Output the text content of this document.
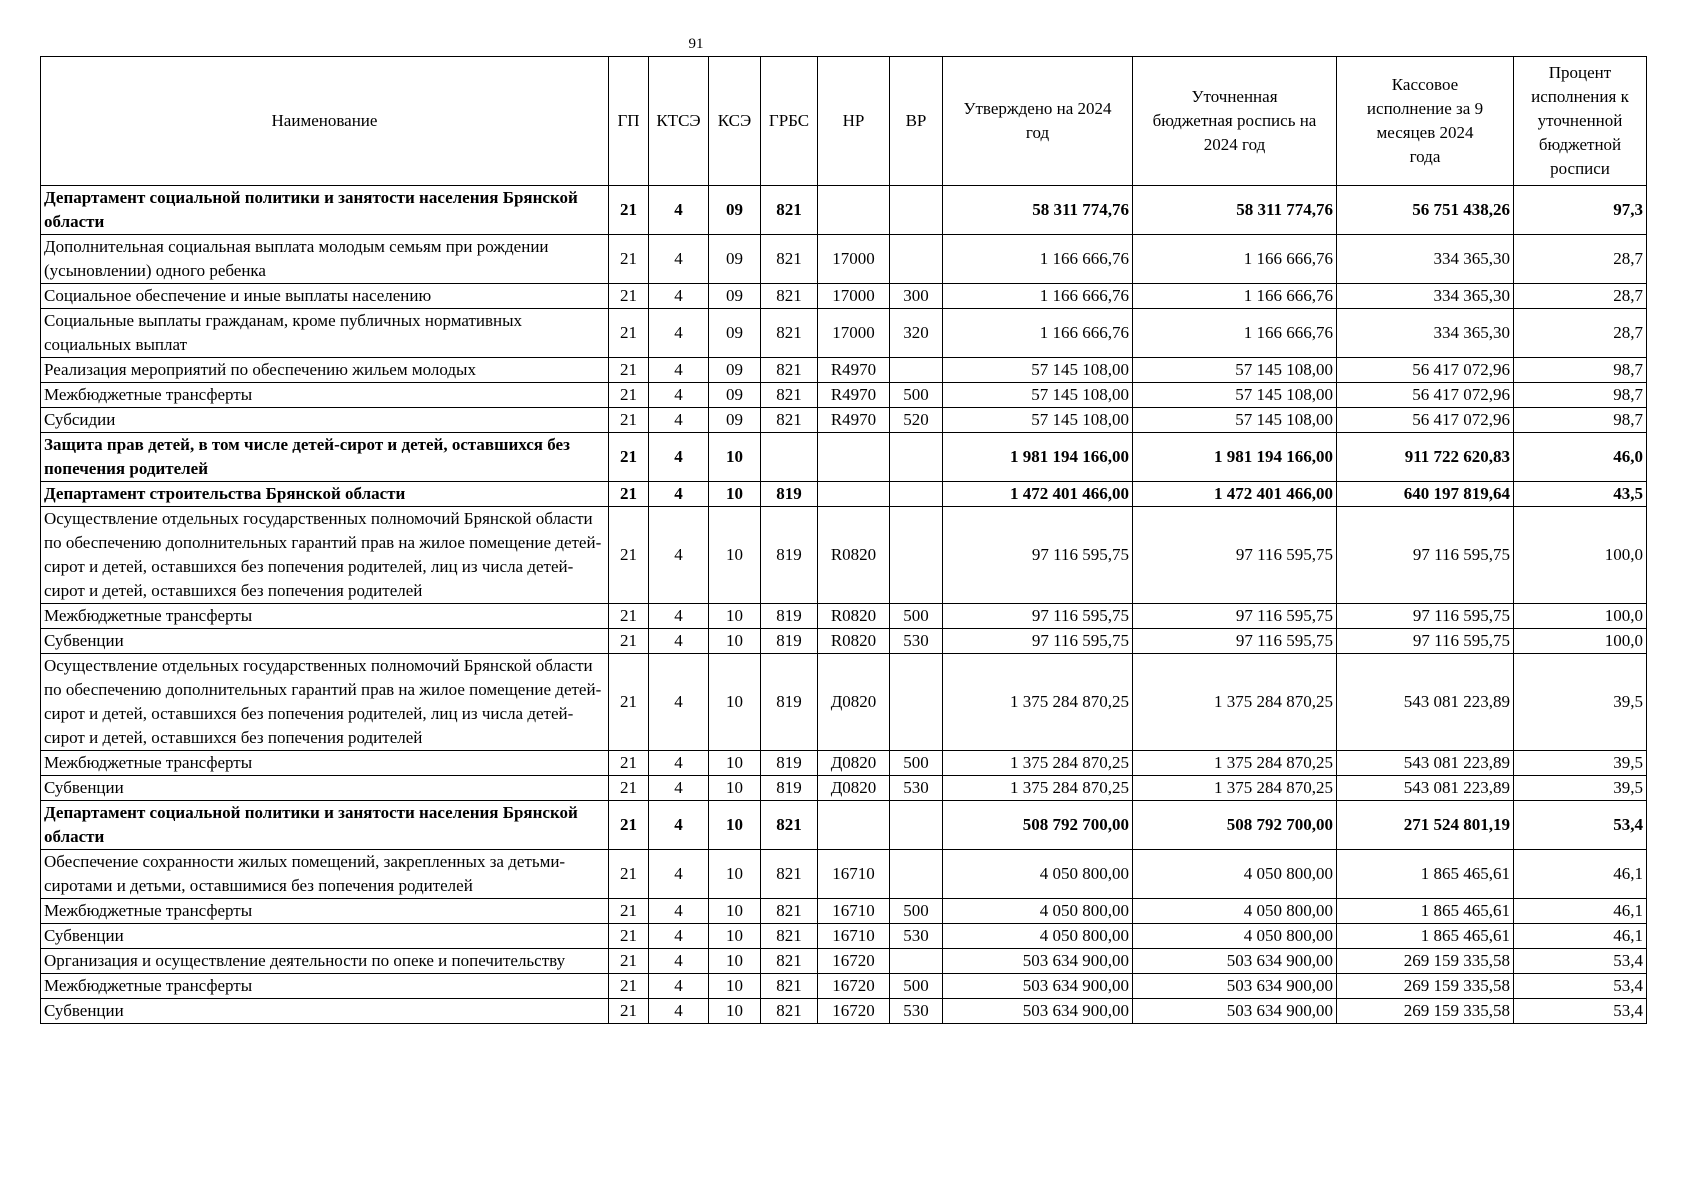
91
Наименование	ГП	КТСЭ	КСЭ	ГРБС	НР	ВР	Утверждено на 2024 год	Уточненная бюджетная роспись на 2024 год	Кассовое исполнение за 9 месяцев 2024 года	Процент исполнения к уточненной бюджетной росписи
Департамент социальной политики и занятости населения Брянской области	21	4	09	821			58 311 774,76	58 311 774,76	56 751 438,26	97,3
Дополнительная социальная выплата молодым семьям при рождении (усыновлении) одного ребенка	21	4	09	821	17000		1 166 666,76	1 166 666,76	334 365,30	28,7
Социальное обеспечение и иные выплаты населению	21	4	09	821	17000	300	1 166 666,76	1 166 666,76	334 365,30	28,7
Социальные выплаты гражданам, кроме публичных нормативных социальных выплат	21	4	09	821	17000	320	1 166 666,76	1 166 666,76	334 365,30	28,7
Реализация мероприятий по обеспечению жильем молодых	21	4	09	821	R4970		57 145 108,00	57 145 108,00	56 417 072,96	98,7
Межбюджетные трансферты	21	4	09	821	R4970	500	57 145 108,00	57 145 108,00	56 417 072,96	98,7
Субсидии	21	4	09	821	R4970	520	57 145 108,00	57 145 108,00	56 417 072,96	98,7
Защита прав детей, в том числе детей-сирот и детей, оставшихся без попечения родителей	21	4	10				1 981 194 166,00	1 981 194 166,00	911 722 620,83	46,0
Департамент строительства Брянской области	21	4	10	819			1 472 401 466,00	1 472 401 466,00	640 197 819,64	43,5
Осуществление отдельных государственных полномочий Брянской области по обеспечению дополнительных гарантий прав на жилое помещение детей-сирот и детей, оставшихся без попечения родителей, лиц из числа детей-сирот и детей, оставшихся без попечения родителей	21	4	10	819	R0820		97 116 595,75	97 116 595,75	97 116 595,75	100,0
Межбюджетные трансферты	21	4	10	819	R0820	500	97 116 595,75	97 116 595,75	97 116 595,75	100,0
Субвенции	21	4	10	819	R0820	530	97 116 595,75	97 116 595,75	97 116 595,75	100,0
Осуществление отдельных государственных полномочий Брянской области по обеспечению дополнительных гарантий прав на жилое помещение детей-сирот и детей, оставшихся без попечения родителей, лиц из числа детей-сирот и детей, оставшихся без попечения родителей	21	4	10	819	Д0820		1 375 284 870,25	1 375 284 870,25	543 081 223,89	39,5
Межбюджетные трансферты	21	4	10	819	Д0820	500	1 375 284 870,25	1 375 284 870,25	543 081 223,89	39,5
Субвенции	21	4	10	819	Д0820	530	1 375 284 870,25	1 375 284 870,25	543 081 223,89	39,5
Департамент социальной политики и занятости населения Брянской области	21	4	10	821			508 792 700,00	508 792 700,00	271 524 801,19	53,4
Обеспечение сохранности жилых помещений, закрепленных за детьми-сиротами и детьми, оставшимися без попечения родителей	21	4	10	821	16710		4 050 800,00	4 050 800,00	1 865 465,61	46,1
Межбюджетные трансферты	21	4	10	821	16710	500	4 050 800,00	4 050 800,00	1 865 465,61	46,1
Субвенции	21	4	10	821	16710	530	4 050 800,00	4 050 800,00	1 865 465,61	46,1
Организация и осуществление деятельности по опеке и попечительству	21	4	10	821	16720		503 634 900,00	503 634 900,00	269 159 335,58	53,4
Межбюджетные трансферты	21	4	10	821	16720	500	503 634 900,00	503 634 900,00	269 159 335,58	53,4
Субвенции	21	4	10	821	16720	530	503 634 900,00	503 634 900,00	269 159 335,58	53,4
